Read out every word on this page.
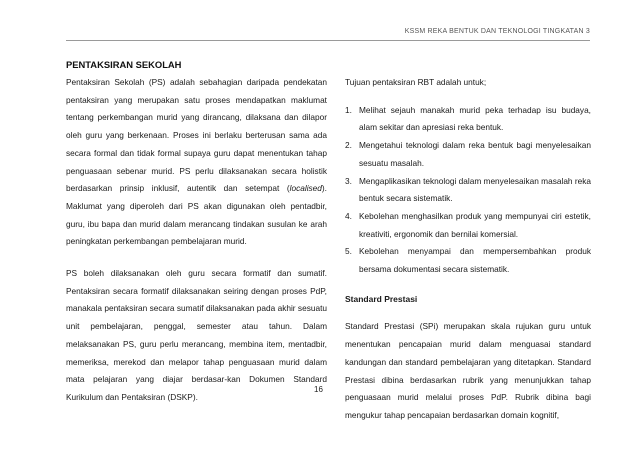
KSSM REKA BENTUK DAN TEKNOLOGI TINGKATAN 3
PENTAKSIRAN SEKOLAH

Pentaksiran Sekolah (PS) adalah sebahagian daripada pendekatan pentaksiran yang merupakan satu proses mendapatkan maklumat tentang perkembangan murid yang dirancang, dilaksana dan dilapor oleh guru yang berkenaan. Proses ini berlaku berterusan sama ada secara formal dan tidak formal supaya guru dapat menentukan tahap penguasaan sebenar murid. PS perlu dilaksanakan secara holistik berdasarkan prinsip inklusif, autentik dan setempat (localised). Maklumat yang diperoleh dari PS akan digunakan oleh pentadbir, guru, ibu bapa dan murid dalam merancang tindakan susulan ke arah peningkatan perkembangan pembelajaran murid.

PS boleh dilaksanakan oleh guru secara formatif dan sumatif. Pentaksiran secara formatif dilaksanakan seiring dengan proses PdP, manakala pentaksiran secara sumatif dilaksanakan pada akhir sesuatu unit pembelajaran, penggal, semester atau tahun. Dalam melaksanakan PS, guru perlu merancang, membina item, mentadbir, memeriksa, merekod dan melapor tahap penguasaan murid dalam mata pelajaran yang diajar berdasar-kan Dokumen Standard Kurikulum dan Pentaksiran (DSKP).

Tujuan pentaksiran RBT adalah untuk;

1. Melihat sejauh manakah murid peka terhadap isu budaya, alam sekitar dan apresiasi reka bentuk.
2. Mengetahui teknologi dalam reka bentuk bagi menyelesaikan sesuatu masalah.
3. Mengaplikasikan teknologi dalam menyelesaikan masalah reka bentuk secara sistematik.
4. Kebolehan menghasilkan produk yang mempunyai ciri estetik, kreativiti, ergonomik dan bernilai komersial.
5. Kebolehan menyampai dan mempersembahkan produk bersama dokumentasi secara sistematik.

Standard Prestasi

Standard Prestasi (SPi) merupakan skala rujukan guru untuk menentukan pencapaian murid dalam menguasai standard kandungan dan standard pembelajaran yang ditetapkan. Standard Prestasi dibina berdasarkan rubrik yang menunjukkan tahap penguasaan murid melalui proses PdP. Rubrik dibina bagi mengukur tahap pencapaian berdasarkan domain kognitif,

16
